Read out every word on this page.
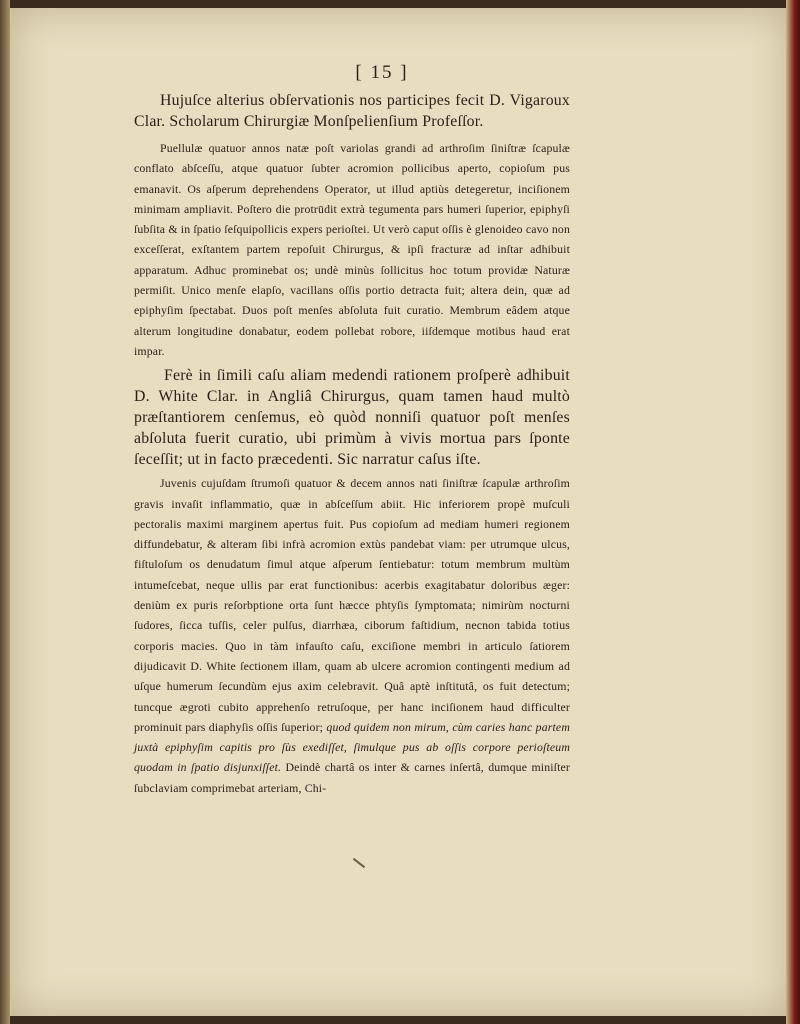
[ 15 ]

Hujuſce alterius obſervationis nos participes fecit D. Vigaroux Clar. Scholarum Chirurgiæ Monſpelienſium Profeſſor.

Puellulæ quatuor annos natæ poſt variolas grandi ad arthroſim ſiniſtræ ſcapulæ conflato abſceſſu, atque quatuor ſubter acromion pollicibus aperto, copioſum pus emanavit. Os aſperum deprehendens Operator, ut illud aptiùs detegeretur, inciſionem minimam ampliavit. Poſtero die protrūdit extrà tegumenta pars humeri ſuperior, epiphyſi ſubſita & in ſpatio ſeſquipollicis expers perioſtei. Ut verò caput oſſis è glenoideo cavo non exceſſerat, exſtantem partem repoſuit Chirurgus, & ipſi fracturæ ad inſtar adhibuit apparatum. Adhuc prominebat os; undè minùs ſollicitus hoc totum providæ Naturæ permiſit. Unico menſe elapſo, vacillans oſſis portio detracta fuit; altera dein, quæ ad epiphyſim ſpectabat. Duos poſt menſes abſoluta fuit curatio. Membrum eâdem atque alterum longitudine donabatur, eodem pollebat robore, iiſdemque motibus haud erat impar.

Ferè in ſimili caſu aliam medendi rationem proſperè adhibuit D. White Clar. in Angliâ Chirurgus, quam tamen haud multò præſtantiorem cenſemus, eò quòd nonniſi quatuor poſt menſes abſoluta fuerit curatio, ubi primùm à vivis mortua pars ſponte ſeceſſit; ut in facto præcedenti. Sic narratur caſus iſte.

Juvenis cujuſdam ſtrumoſi quatuor & decem annos nati ſiniſtræ ſcapulæ arthroſim gravis invaſit inflammatio, quæ in abſceſſum abiit. Hic inferiorem propè muſculi pectoralis maximi marginem apertus fuit. Pus copioſum ad mediam humeri regionem diffundebatur, & alteram ſibi infrà acromion extùs pandebat viam: per utrumque ulcus, fiſtuloſum os denudatum ſimul atque aſperum ſentiebatur: totum membrum multùm intumeſcebat, neque ullis par erat functionibus: acerbis exagitabatur doloribus æger: deniùm ex puris reſorbptione orta ſunt hæcce phtyſis ſymptomata; nimirùm nocturni ſudores, ſicca tuſſis, celer pulſus, diarrhæa, ciborum faſtidium, necnon tabida totius corporis macies. Quo in tàm infauſto caſu, exciſione membri in articulo ſatiorem dijudicavit D. White ſectionem illam, quam ab ulcere acromion contingenti medium ad uſque humerum ſecundùm ejus axim celebravit. Quâ aptè inſtitutâ, os fuit detectum; tuncque ægroti cubito apprehenſo retruſoque, per hanc inciſionem haud difficulter prominuit pars diaphyſis oſſis ſuperior; quod quidem non mirum, cùm caries hanc partem juxtà epiphyſim capitis pro ſùs exediſſet, ſimulque pus ab oſſis corpore perioſteum quodam in ſpatio disjunxiſſet. Deindè chartâ os inter & carnes inſertâ, dumque miniſter ſubclaviam comprimebat arteriam, Chi-
